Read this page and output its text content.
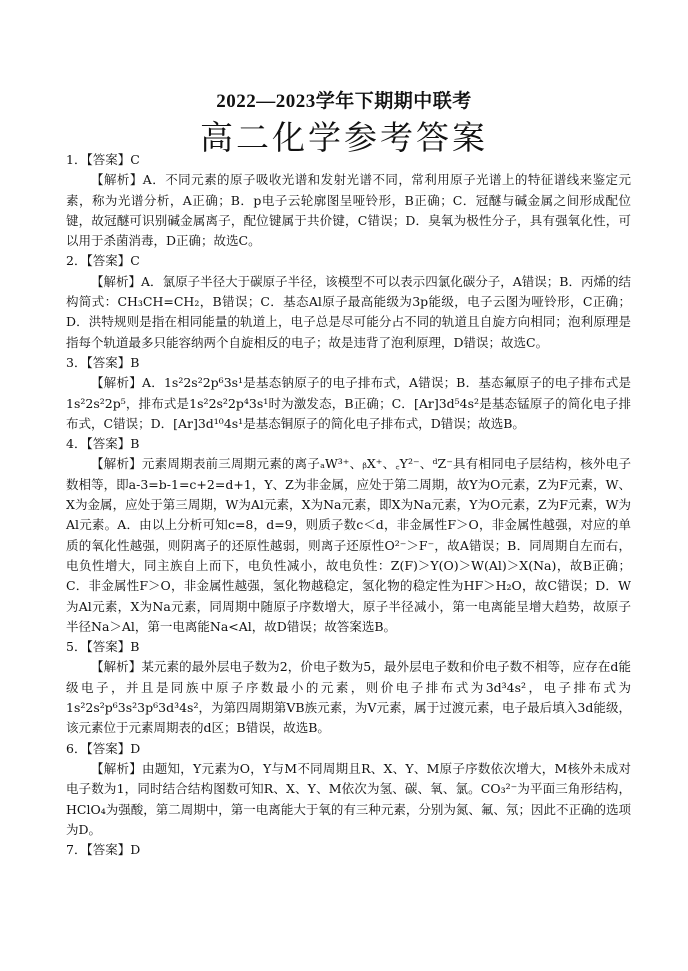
2022—2023学年下期期中联考
高二化学参考答案
1．【答案】C
【解析】A．不同元素的原子吸收光谱和发射光谱不同，常利用原子光谱上的特征谱线来鉴定元素，称为光谱分析，A正确；B．p电子云轮廓图呈哑铃形，B正确；C．冠醚与碱金属之间形成配位键，故冠醚可识别碱金属离子，配位键属于共价键，C错误；D．臭氧为极性分子，具有强氧化性，可以用于杀菌消毒，D正确；故选C。
2．【答案】C
【解析】A．氯原子半径大于碳原子半径，该模型不可以表示四氯化碳分子，A错误；B．丙烯的结构简式：CH₃CH=CH₂，B错误；C．基态Al原子最高能级为3p能级，电子云图为哑铃形，C正确；D．洪特规则是指在相同能量的轨道上，电子总是尽可能分占不同的轨道且自旋方向相同；泡利原理是指每个轨道最多只能容纳两个自旋相反的电子；故是违背了泡利原理，D错误；故选C。
3．【答案】B
【解析】A．1s²2s²2p⁶3s¹是基态钠原子的电子排布式，A错误；B．基态氟原子的电子排布式是1s²2s²2p⁵，排布式是1s²2s²2p⁴3s¹时为激发态，B正确；C．[Ar]3d⁵4s²是基态锰原子的简化电子排布式，C错误；D．[Ar]3d¹⁰4s¹是基态铜原子的简化电子排布式，D错误；故选B。
4．【答案】B
【解析】元素周期表前三周期元素的离子ₐW³⁺、ᵦX⁺、꜀Y²⁻、ᵈZ⁻具有相同电子层结构，核外电子数相等，即a-3=b-1=c+2=d+1，Y、Z为非金属，应处于第二周期，故Y为O元素，Z为F元素，W、X为金属，应处于第三周期，W为Al元素，X为Na元素，即X为Na元素，Y为O元素，Z为F元素，W为Al元素。A．由以上分析可知c=8，d=9，则质子数c＜d，非金属性F＞O，非金属性越强，对应的单质的氧化性越强，则阴离子的还原性越弱，则离子还原性O²⁻＞F⁻，故A错误；B．同周期自左而右，电负性增大，同主族自上而下，电负性减小，故电负性：Z(F)＞Y(O)＞W(Al)＞X(Na)，故B正确；C．非金属性F＞O，非金属性越强，氢化物越稳定，氢化物的稳定性为HF＞H₂O，故C错误；D．W为Al元素，X为Na元素，同周期中随原子序数增大，原子半径减小，第一电离能呈增大趋势，故原子半径Na＞Al，第一电离能Na<Al，故D错误；故答案选B。
5．【答案】B
【解析】某元素的最外层电子数为2，价电子数为5，最外层电子数和价电子数不相等，应存在d能级电子，并且是同族中原子序数最小的元素，则价电子排布式为3d³4s²，电子排布式为1s²2s²p⁶3s²3p⁶3d³4s²，为第四周期第VB族元素，为V元素，属于过渡元素，电子最后填入3d能级，该元素位于元素周期表的d区；B错误，故选B。
6．【答案】D
【解析】由题知，Y元素为O，Y与M不同周期且R、X、Y、M原子序数依次增大，M核外未成对电子数为1，同时结合结构图数可知R、X、Y、M依次为氢、碳、氧、氯。CO₃²⁻为平面三角形结构，HClO₄为强酸，第二周期中，第一电离能大于氧的有三种元素，分别为氮、氟、氖；因此不正确的选项为D。
7．【答案】D
